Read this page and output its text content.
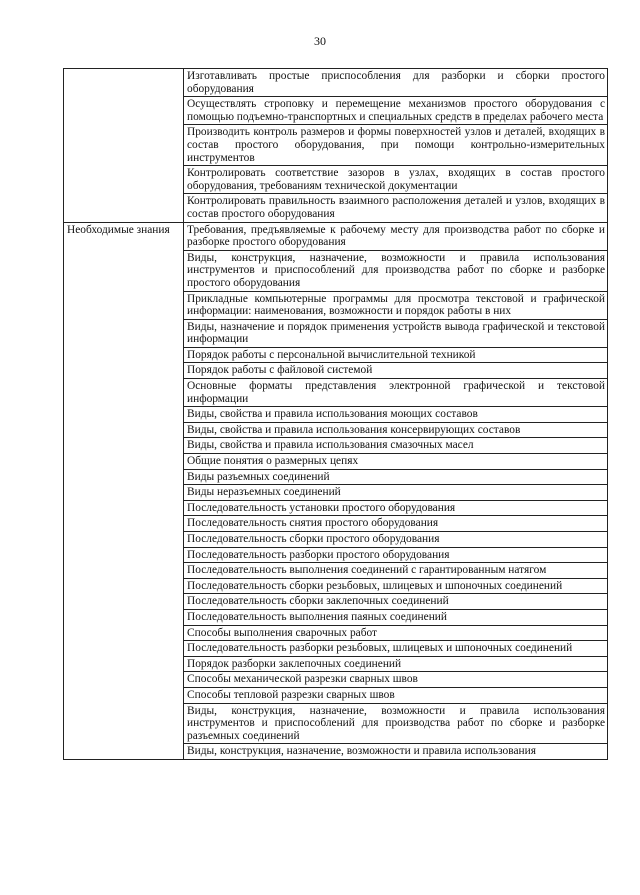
30
	Изготавливать простые приспособления для разборки и сборки простого оборудования
	Осуществлять строповку и перемещение механизмов простого оборудования с помощью подъемно-транспортных и специальных средств в пределах рабочего места
	Производить контроль размеров и формы поверхностей узлов и деталей, входящих в состав простого оборудования, при помощи контрольно-измерительных инструментов
	Контролировать соответствие зазоров в узлах, входящих в состав простого оборудования, требованиям технической документации
	Контролировать правильность взаимного расположения деталей и узлов, входящих в состав простого оборудования
Необходимые знания	Требования, предъявляемые к рабочему месту для производства работ по сборке и разборке простого оборудования
	Виды, конструкция, назначение, возможности и правила использования инструментов и приспособлений для производства работ по сборке и разборке простого оборудования
	Прикладные компьютерные программы для просмотра текстовой и графической информации: наименования, возможности и порядок работы в них
	Виды, назначение и порядок применения устройств вывода графической и текстовой информации
	Порядок работы с персональной вычислительной техникой
	Порядок работы с файловой системой
	Основные форматы представления электронной графической и текстовой информации
	Виды, свойства и правила использования моющих составов
	Виды, свойства и правила использования консервирующих составов
	Виды, свойства и правила использования смазочных масел
	Общие понятия о размерных цепях
	Виды разъемных соединений
	Виды неразъемных соединений
	Последовательность установки простого оборудования
	Последовательность снятия простого оборудования
	Последовательность сборки простого оборудования
	Последовательность разборки простого оборудования
	Последовательность выполнения соединений с гарантированным натягом
	Последовательность сборки резьбовых, шлицевых и шпоночных соединений
	Последовательность сборки заклепочных соединений
	Последовательность выполнения паяных соединений
	Способы выполнения сварочных работ
	Последовательность разборки резьбовых, шлицевых и шпоночных соединений
	Порядок разборки заклепочных соединений
	Способы механической разрезки сварных швов
	Способы тепловой разрезки сварных швов
	Виды, конструкция, назначение, возможности и правила использования инструментов и приспособлений для производства работ по сборке и разборке разъемных соединений
	Виды, конструкция, назначение, возможности и правила использования
